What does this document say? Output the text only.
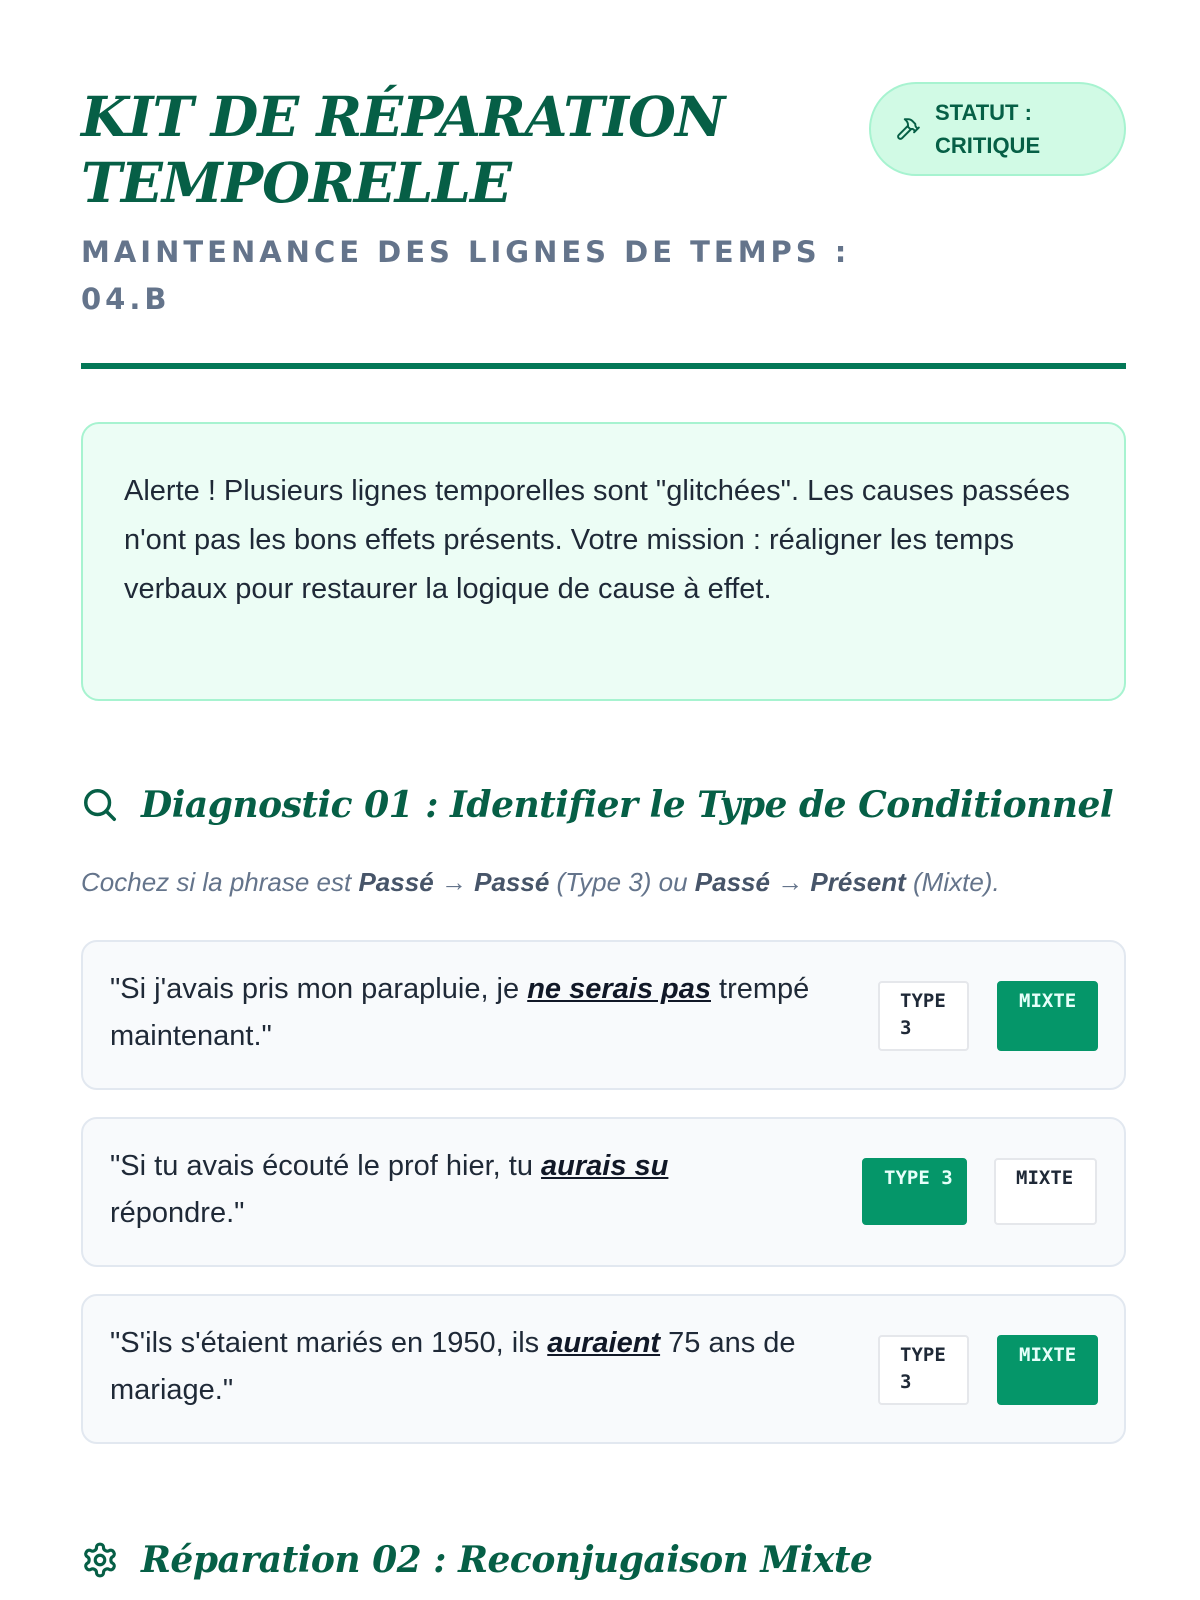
KIT DE RÉPARATION
TEMPORELLE

MAINTENANCE DES LIGNES DE TEMPS : 04.B

STATUT : CRITIQUE

Alerte ! Plusieurs lignes temporelles sont "glitchées". Les causes passées n'ont pas les bons effets présents. Votre mission : réaligner les temps verbaux pour restaurer la logique de cause à effet.

Diagnostic 01 : Identifier le Type de Conditionnel

Cochez si la phrase est Passé → Passé (Type 3) ou Passé → Présent (Mixte).

"Si j'avais pris mon parapluie, je ne serais pas trempé maintenant."
TYPE 3
MIXTE
"Si tu avais écouté le prof hier, tu aurais su répondre."
TYPE 3	MIXTE
"S'ils s'étaient mariés en 1950, ils auraient 75 ans de mariage."
TYPE 3
MIXTE
Réparation 02 : Reconjugaison Mixte
